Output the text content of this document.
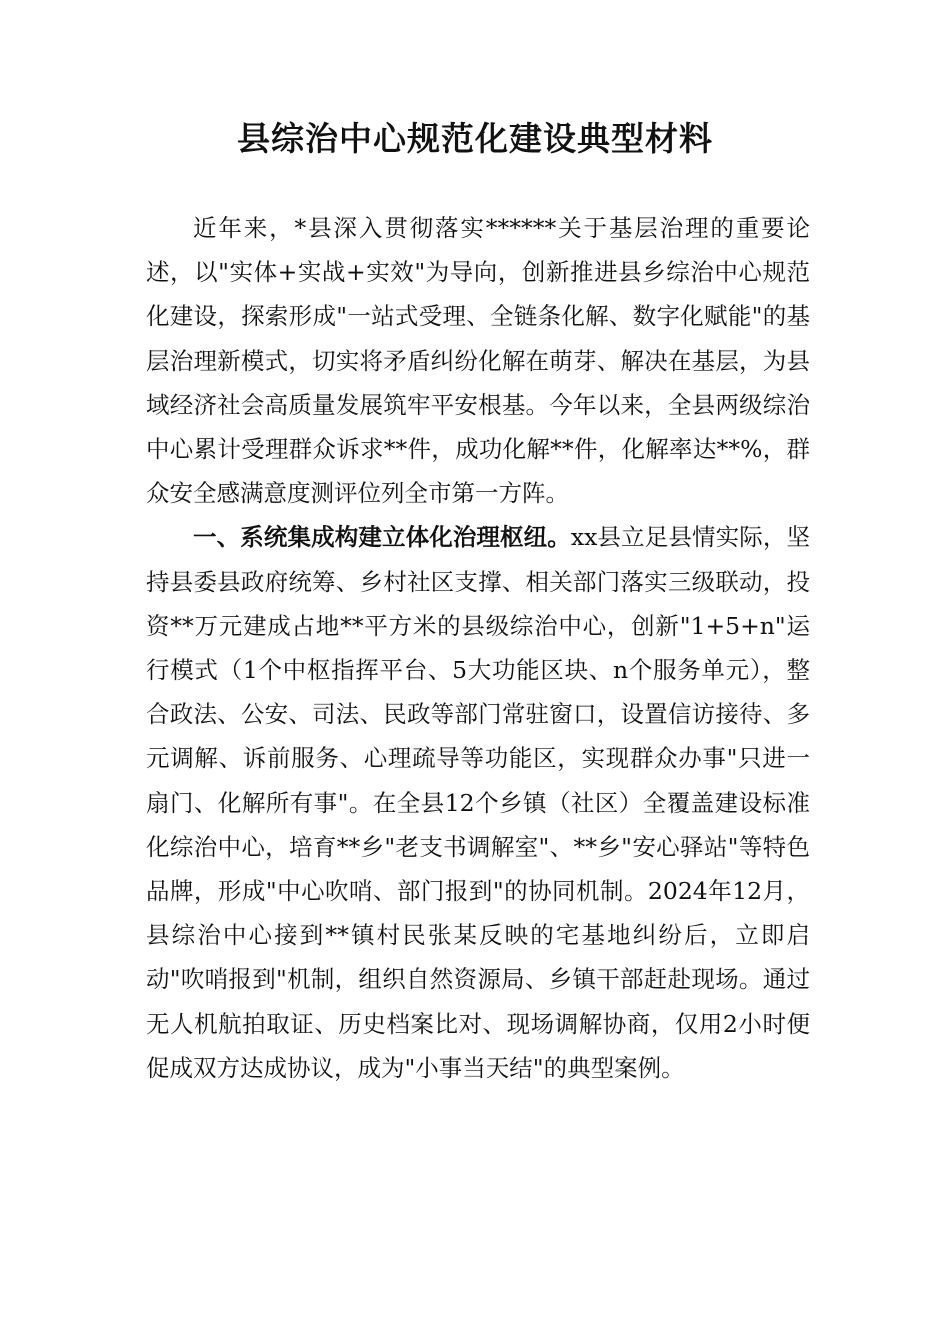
县综治中心规范化建设典型材料

近年来，*县深入贯彻落实******关于基层治理的重要论述，以"实体+实战+实效"为导向，创新推进县乡综治中心规范化建设，探索形成"一站式受理、全链条化解、数字化赋能"的基层治理新模式，切实将矛盾纠纷化解在萌芽、解决在基层，为县域经济社会高质量发展筑牢平安根基。今年以来，全县两级综治中心累计受理群众诉求**件，成功化解**件，化解率达**%，群众安全感满意度测评位列全市第一方阵。

一、系统集成构建立体化治理枢纽。xx县立足县情实际，坚持县委县政府统筹、乡村社区支撑、相关部门落实三级联动，投资**万元建成占地**平方米的县级综治中心，创新"1+5+n"运行模式（1个中枢指挥平台、5大功能区块、n个服务单元），整合政法、公安、司法、民政等部门常驻窗口，设置信访接待、多元调解、诉前服务、心理疏导等功能区，实现群众办事"只进一扇门、化解所有事"。在全县12个乡镇（社区）全覆盖建设标准化综治中心，培育**乡"老支书调解室"、**乡"安心驿站"等特色品牌，形成"中心吹哨、部门报到"的协同机制。2024年12月，县综治中心接到**镇村民张某反映的宅基地纠纷后，立即启动"吹哨报到"机制，组织自然资源局、乡镇干部赶赴现场。通过无人机航拍取证、历史档案比对、现场调解协商，仅用2小时便促成双方达成协议，成为"小事当天结"的典型案例。
